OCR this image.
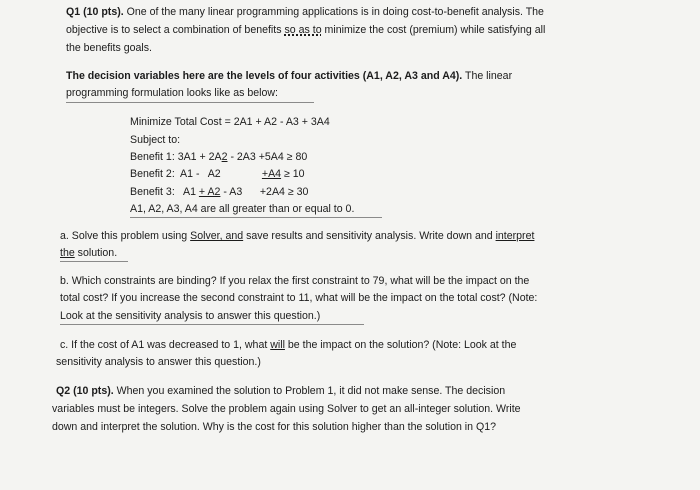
Q1 (10 pts). One of the many linear programming applications is in doing cost-to-benefit analysis. The
objective is to select a combination of benefits so as to minimize the cost (premium) while satisfying all
the benefits goals.
The decision variables here are the levels of four activities (A1, A2, A3 and A4). The linear
programming formulation looks like as below:
Minimize Total Cost = 2A1 + A2 - A3 + 3A4
Subject to:
Benefit 1: 3A1 + 2A2 - 2A3 +5A4 ≥ 80
Benefit 2:  A1 -   A2              +A4 ≥ 10
Benefit 3:   A1 + A2 - A3      +2A4 ≥ 30
A1, A2, A3, A4 are all greater than or equal to 0.
a. Solve this problem using Solver, and save results and sensitivity analysis. Write down and interpret
the solution.
b. Which constraints are binding? If you relax the first constraint to 79, what will be the impact on the
total cost? If you increase the second constraint to 11, what will be the impact on the total cost? (Note:
Look at the sensitivity analysis to answer this question.)
c. If the cost of A1 was decreased to 1, what will be the impact on the solution? (Note: Look at the
sensitivity analysis to answer this question.)
Q2 (10 pts). When you examined the solution to Problem 1, it did not make sense. The decision
variables must be integers. Solve the problem again using Solver to get an all-integer solution. Write
down and interpret the solution. Why is the cost for this solution higher than the solution in Q1?
